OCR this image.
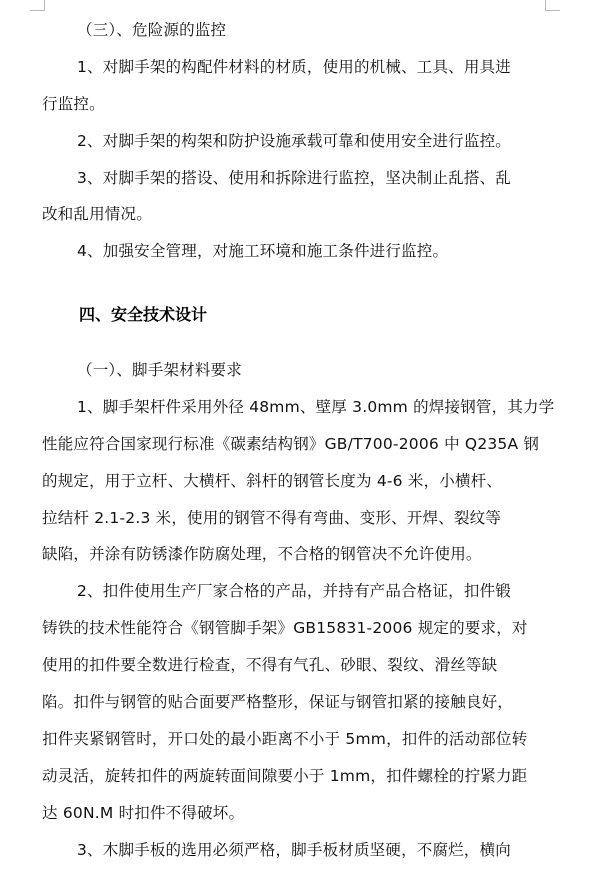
（三）、危险源的监控
1、对脚手架的构配件材料的材质，使用的机械、工具、用具进
行监控。
2、对脚手架的构架和防护设施承载可靠和使用安全进行监控。
3、对脚手架的搭设、使用和拆除进行监控，坚决制止乱搭、乱
改和乱用情况。
4、加强安全管理，对施工环境和施工条件进行监控。
四、安全技术设计
（一）、脚手架材料要求
1、脚手架杆件采用外径 48mm、壁厚 3.0mm 的焊接钢管，其力学
性能应符合国家现行标准《碳素结构钢》GB/T700-2006 中 Q235A 钢
的规定，用于立杆、大横杆、斜杆的钢管长度为 4-6 米，小横杆、
拉结杆 2.1-2.3 米，使用的钢管不得有弯曲、变形、开焊、裂纹等
缺陷，并涂有防锈漆作防腐处理，不合格的钢管决不允许使用。
2、扣件使用生产厂家合格的产品，并持有产品合格证，扣件锻
铸铁的技术性能符合《钢管脚手架》GB15831-2006 规定的要求，对
使用的扣件要全数进行检查，不得有气孔、砂眼、裂纹、滑丝等缺
陷。扣件与钢管的贴合面要严格整形，保证与钢管扣紧的接触良好，
扣件夹紧钢管时，开口处的最小距离不小于 5mm，扣件的活动部位转
动灵活，旋转扣件的两旋转面间隙要小于 1mm，扣件螺栓的拧紧力距
达 60N.M 时扣件不得破坏。
3、木脚手板的选用必须严格，脚手板材质坚硬，不腐烂，横向
